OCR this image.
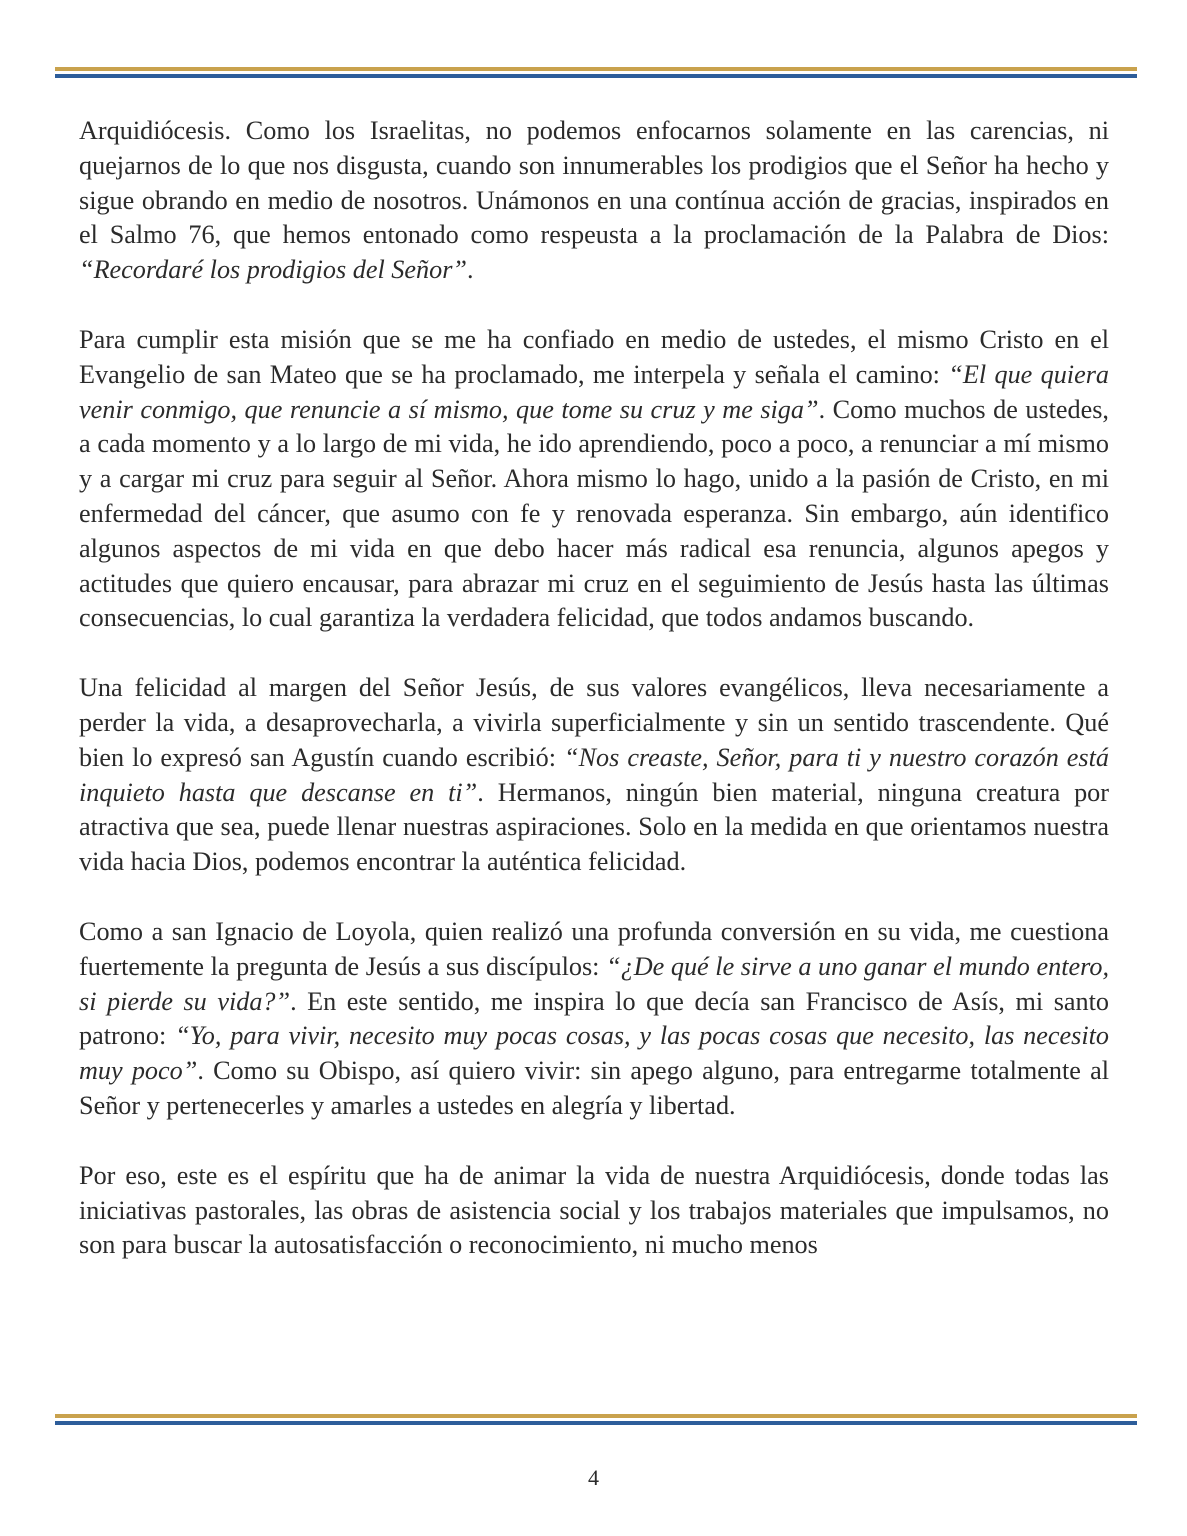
Arquidiócesis. Como los Israelitas, no podemos enfocarnos solamente en las carencias, ni quejarnos de lo que nos disgusta, cuando son innumerables los prodigios que el Señor ha hecho y sigue obrando en medio de nosotros. Unámonos en una contínua acción de gracias, inspirados en el Salmo 76, que hemos entonado como respeusta a la proclamación de la Palabra de Dios: “Recordaré los prodigios del Señor”.

Para cumplir esta misión que se me ha confiado en medio de ustedes, el mismo Cristo en el Evangelio de san Mateo que se ha proclamado, me interpela y señala el camino: “El que quiera venir conmigo, que renuncie a sí mismo, que tome su cruz y me siga”. Como muchos de ustedes, a cada momento y a lo largo de mi vida, he ido aprendiendo, poco a poco, a renunciar a mí mismo y a cargar mi cruz para seguir al Señor. Ahora mismo lo hago, unido a la pasión de Cristo, en mi enfermedad del cáncer, que asumo con fe y renovada esperanza. Sin embargo, aún identifico algunos aspectos de mi vida en que debo hacer más radical esa renuncia, algunos apegos y actitudes que quiero encausar, para abrazar mi cruz en el seguimiento de Jesús hasta las últimas consecuencias, lo cual garantiza la verdadera felicidad, que todos andamos buscando.

Una felicidad al margen del Señor Jesús, de sus valores evangélicos, lleva necesariamente a perder la vida, a desaprovecharla, a vivirla superficialmente y sin un sentido trascendente. Qué bien lo expresó san Agustín cuando escribió: “Nos creaste, Señor, para ti y nuestro corazón está inquieto hasta que descanse en ti”. Hermanos, ningún bien material, ninguna creatura por atractiva que sea, puede llenar nuestras aspiraciones. Solo en la medida en que orientamos nuestra vida hacia Dios, podemos encontrar la auténtica felicidad.

Como a san Ignacio de Loyola, quien realizó una profunda conversión en su vida, me cuestiona fuertemente la pregunta de Jesús a sus discípulos: “¿De qué le sirve a uno ganar el mundo entero, si pierde su vida?”. En este sentido, me inspira lo que decía san Francisco de Asís, mi santo patrono: “Yo, para vivir, necesito muy pocas cosas, y las pocas cosas que necesito, las necesito muy poco”. Como su Obispo, así quiero vivir: sin apego alguno, para entregarme totalmente al Señor y pertenecerles y amarles a ustedes en alegría y libertad.

Por eso, este es el espíritu que ha de animar la vida de nuestra Arquidiócesis, donde todas las iniciativas pastorales, las obras de asistencia social y los trabajos materiales que impulsamos, no son para buscar la autosatisfacción o reconocimiento, ni mucho menos

4
